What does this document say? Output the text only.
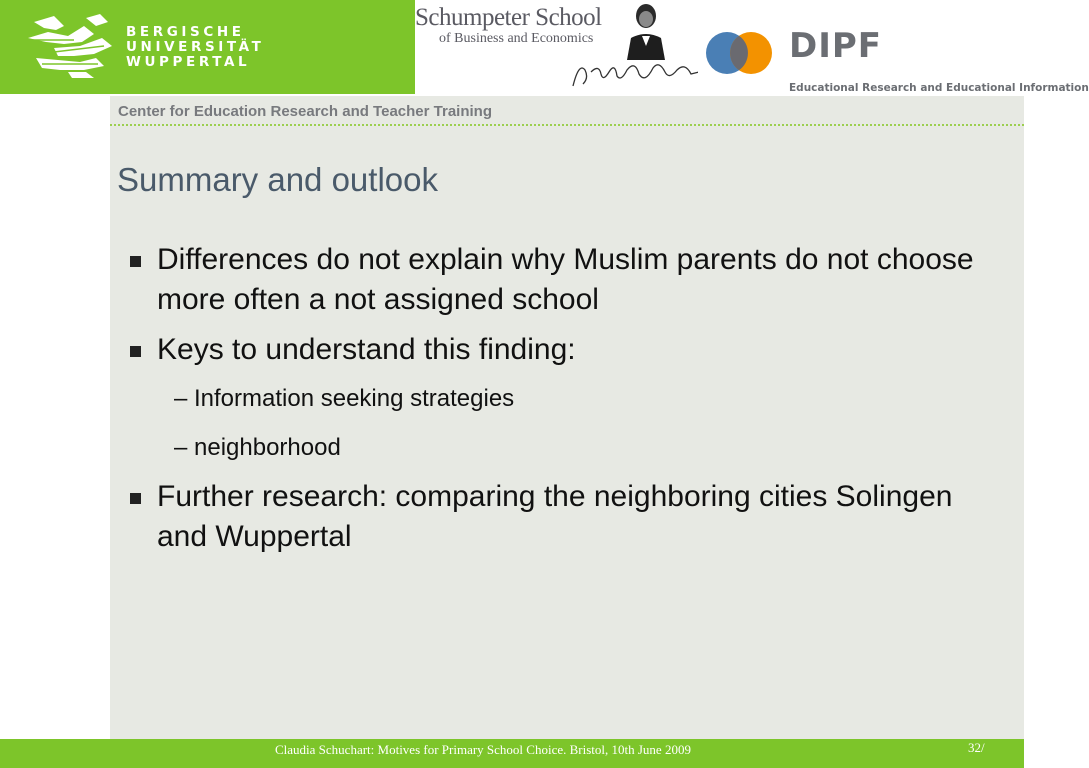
BERGISCHE
UNIVERSITÄT
WUPPERTAL
Schumpeter School
of Business and Economics	DIPF
Educational Research and Educational Information
Center for Education Research and Teacher Training
Summary and outlook
Differences do not explain why Muslim parents do not choose more often a not assigned school
Keys to understand this finding:
– Information seeking strategies
– neighborhood
Further research: comparing the neighboring cities Solingen and Wuppertal
Claudia Schuchart: Motives for Primary School Choice. Bristol, 10th June 2009	32/
